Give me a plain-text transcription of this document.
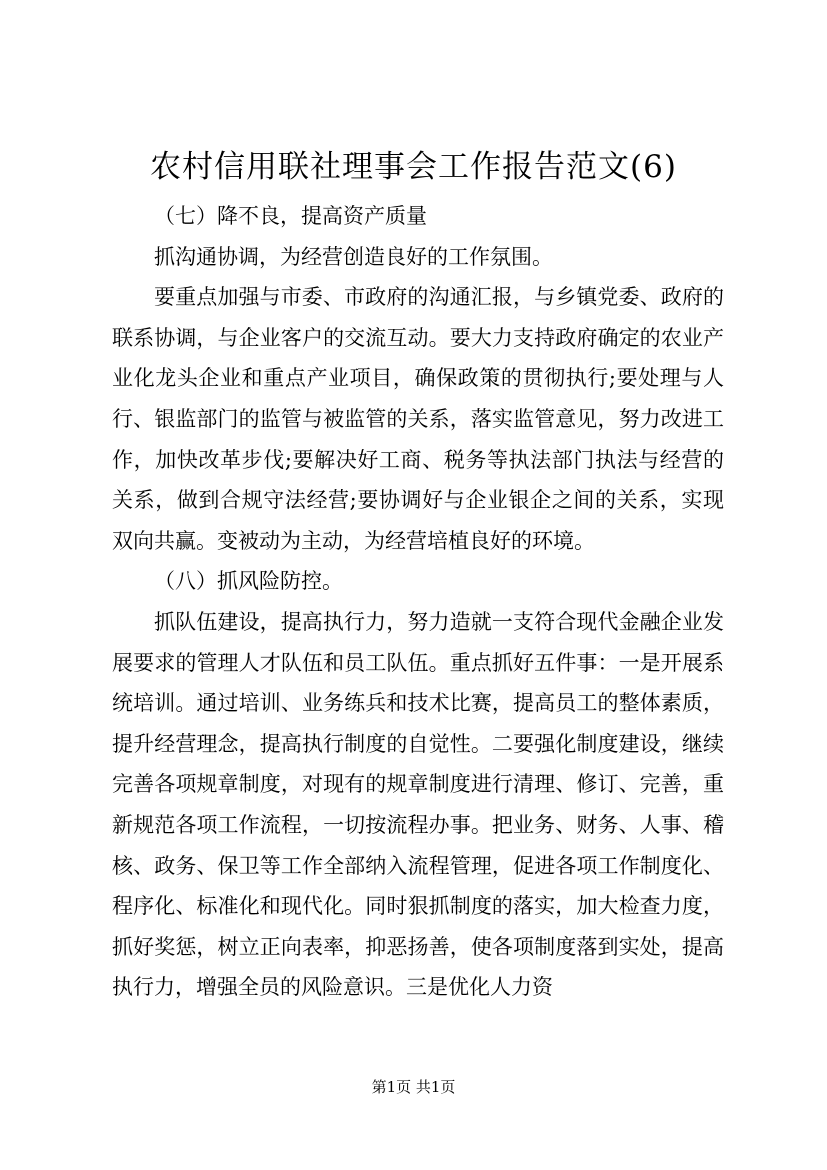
农村信用联社理事会工作报告范文(6)

（七）降不良，提高资产质量

抓沟通协调，为经营创造良好的工作氛围。

要重点加强与市委、市政府的沟通汇报，与乡镇党委、政府的联系协调，与企业客户的交流互动。要大力支持政府确定的农业产业化龙头企业和重点产业项目，确保政策的贯彻执行;要处理与人行、银监部门的监管与被监管的关系，落实监管意见，努力改进工作，加快改革步伐;要解决好工商、税务等执法部门执法与经营的关系，做到合规守法经营;要协调好与企业银企之间的关系，实现双向共赢。变被动为主动，为经营培植良好的环境。

（八）抓风险防控。

抓队伍建设，提高执行力，努力造就一支符合现代金融企业发展要求的管理人才队伍和员工队伍。重点抓好五件事：一是开展系统培训。通过培训、业务练兵和技术比赛，提高员工的整体素质，提升经营理念，提高执行制度的自觉性。二要强化制度建设，继续完善各项规章制度，对现有的规章制度进行清理、修订、完善，重新规范各项工作流程，一切按流程办事。把业务、财务、人事、稽核、政务、保卫等工作全部纳入流程管理，促进各项工作制度化、程序化、标准化和现代化。同时狠抓制度的落实，加大检查力度，抓好奖惩，树立正向表率，抑恶扬善，使各项制度落到实处，提高执行力，增强全员的风险意识。三是优化人力资

第1页 共1页
